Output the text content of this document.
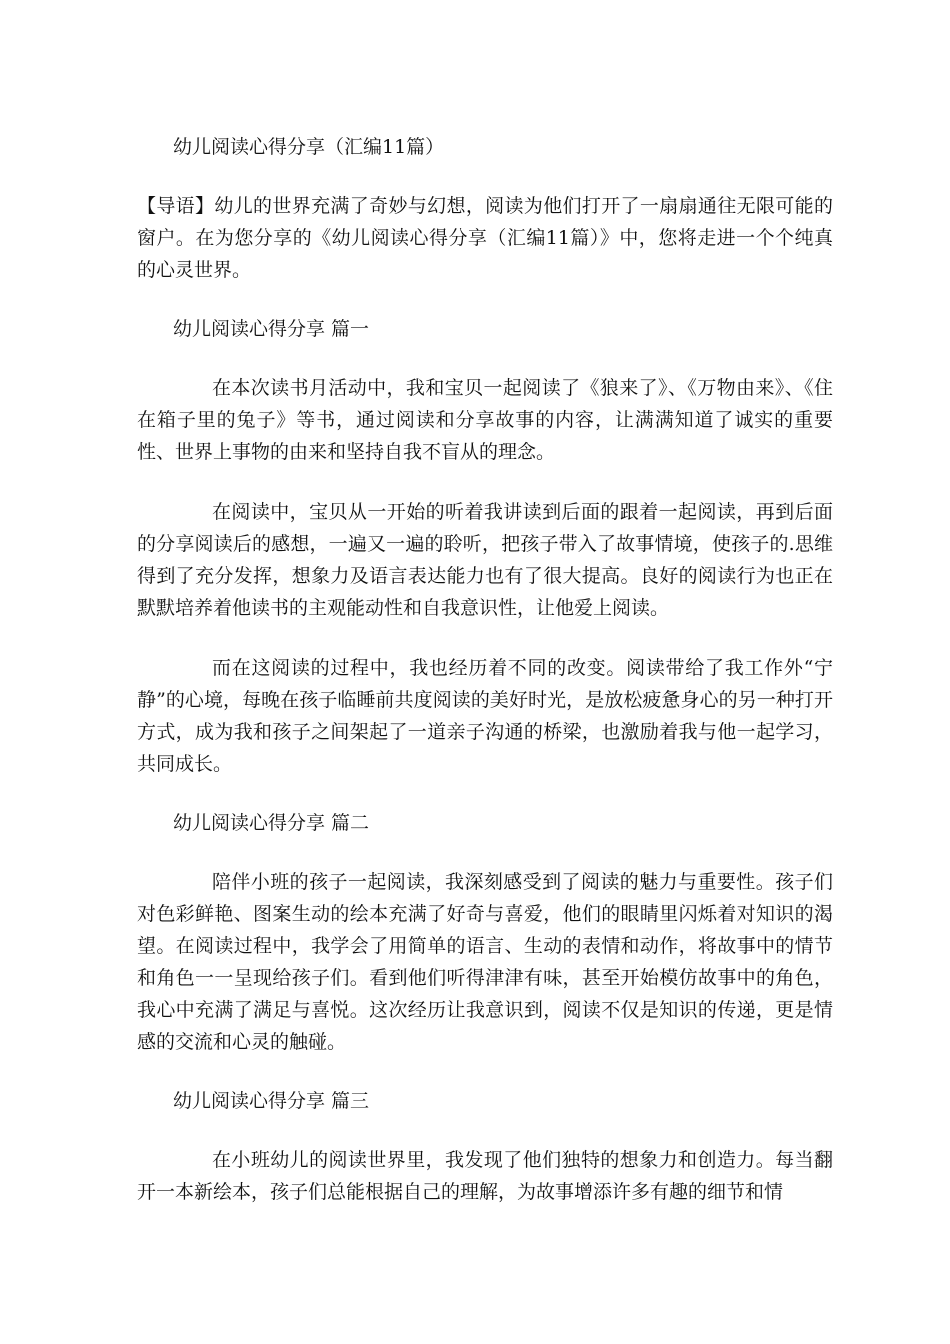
幼儿阅读心得分享（汇编11篇）
【导语】幼儿的世界充满了奇妙与幻想，阅读为他们打开了一扇扇通往无限可能的窗户。在为您分享的《幼儿阅读心得分享（汇编11篇）》中，您将走进一个个纯真的心灵世界。
幼儿阅读心得分享 篇一
在本次读书月活动中，我和宝贝一起阅读了《狼来了》、《万物由来》、《住在箱子里的兔子》等书，通过阅读和分享故事的内容，让满满知道了诚实的重要性、世界上事物的由来和坚持自我不盲从的理念。
在阅读中，宝贝从一开始的听着我讲读到后面的跟着一起阅读，再到后面的分享阅读后的感想，一遍又一遍的聆听，把孩子带入了故事情境，使孩子的.思维得到了充分发挥，想象力及语言表达能力也有了很大提高。良好的阅读行为也正在默默培养着他读书的主观能动性和自我意识性，让他爱上阅读。
而在这阅读的过程中，我也经历着不同的改变。阅读带给了我工作外“宁静”的心境，每晚在孩子临睡前共度阅读的美好时光，是放松疲惫身心的另一种打开方式，成为我和孩子之间架起了一道亲子沟通的桥梁，也激励着我与他一起学习，共同成长。
幼儿阅读心得分享 篇二
陪伴小班的孩子一起阅读，我深刻感受到了阅读的魅力与重要性。孩子们对色彩鲜艳、图案生动的绘本充满了好奇与喜爱，他们的眼睛里闪烁着对知识的渴望。在阅读过程中，我学会了用简单的语言、生动的表情和动作，将故事中的情节和角色一一呈现给孩子们。看到他们听得津津有味，甚至开始模仿故事中的角色，我心中充满了满足与喜悦。这次经历让我意识到，阅读不仅是知识的传递，更是情感的交流和心灵的触碰。
幼儿阅读心得分享 篇三
在小班幼儿的阅读世界里，我发现了他们独特的想象力和创造力。每当翻开一本新绘本，孩子们总能根据自己的理解，为故事增添许多有趣的细节和情
